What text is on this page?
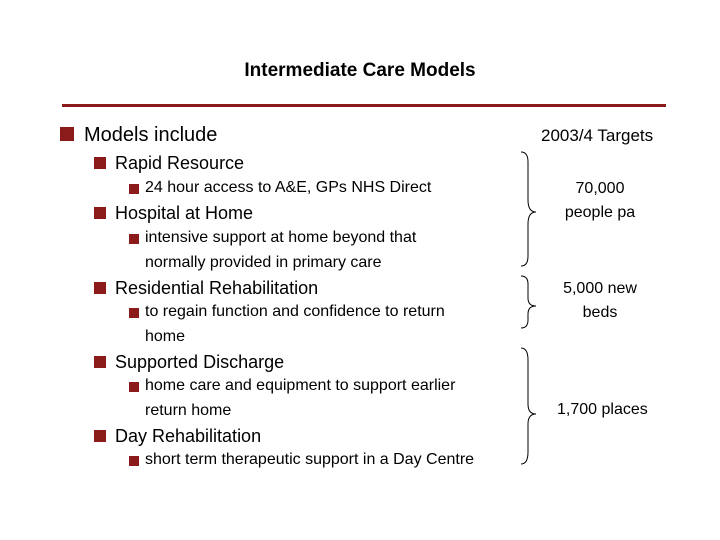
Intermediate Care Models
Models include	2003/4 Targets
Rapid Resource
24 hour access to A&E, GPs NHS Direct
Hospital at Home
intensive support at home beyond that
normally provided in primary care
Residential Rehabilitation
to regain function and confidence to return
home
Supported Discharge
home care and equipment to support earlier
return home
Day Rehabilitation
short term therapeutic support in a Day Centre
70,000
people pa
5,000 new
beds
1,700 places
